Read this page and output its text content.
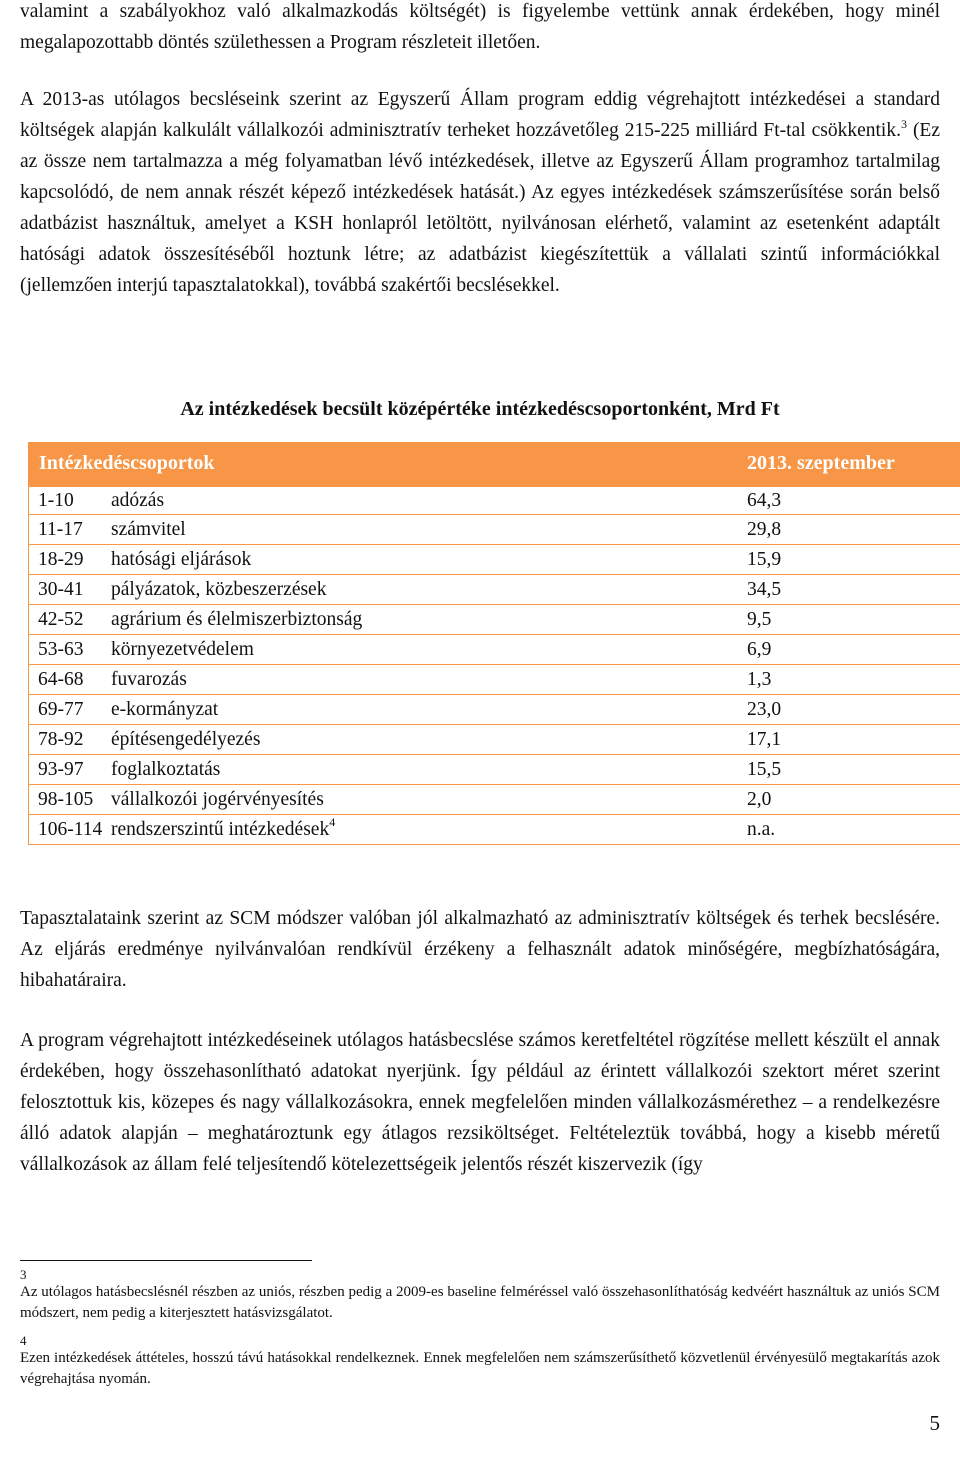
valamint a szabályokhoz való alkalmazkodás költségét) is figyelembe vettünk annak érdekében, hogy minél megalapozottabb döntés születhessen a Program részleteit illetően.

A 2013-as utólagos becsléseink szerint az Egyszerű Állam program eddig végrehajtott intézkedései a standard költségek alapján kalkulált vállalkozói adminisztratív terheket hozzávetőleg 215-225 milliárd Ft-tal csökkentik.$^3$ (Ez az össze nem tartalmazza a még folyamatban lévő intézkedések, illetve az Egyszerű Állam programhoz tartalmilag kapcsolódó, de nem annak részét képező intézkedések hatását.) Az egyes intézkedések számszerűsítése során belső adatbázist használtuk, amelyet a KSH honlapról letöltött, nyilvánosan elérhető, valamint az esetenként adaptált hatósági adatok összesítéséből hoztunk létre; az adatbázist kiegészítettük a vállalati szintű információkkal (jellemzően interjú tapasztalatokkal), továbbá szakértői becslésekkel.

Az intézkedések becsült középértéke intézkedéscsoportonként, Mrd Ft
Intézkedéscsoportok	2013. szeptember
1-10	adózás	64,3
11-17	számvitel	29,8
18-29	hatósági eljárások	15,9
30-41	pályázatok, közbeszerzések	34,5
42-52	agrárium és élelmiszerbiztonság	9,5
53-63	környezetvédelem	6,9
64-68	fuvarozás	1,3
69-77	e-kormányzat	23,0
78-92	építésengedélyezés	17,1
93-97	foglalkoztatás	15,5
98-105 vállalkozói jogérvényesítés	2,0
106-114 rendszerszintű intézkedések$^4$	n.a.

Tapasztalataink szerint az SCM módszer valóban jól alkalmazható az adminisztratív költségek és terhek becslésére. Az eljárás eredménye nyilvánvalóan rendkívül érzékeny a felhasznált adatok minőségére, megbízhatóságára, hibahatáraira.

A program végrehajtott intézkedéseinek utólagos hatásbecslése számos keretfeltétel rögzítése mellett készült el annak érdekében, hogy összehasonlítható adatokat nyerjünk. Így például az érintett vállalkozói szektort méret szerint felosztottuk kis, közepes és nagy vállalkozásokra, ennek megfelelően minden vállalkozásmérethez – a rendelkezésre álló adatok alapján – meghatároztunk egy átlagos rezsiköltséget. Feltételeztük továbbá, hogy a kisebb méretű vállalkozások az állam felé teljesítendő kötelezettségeik jelentős részét kiszervezik (így

3
Az utólagos hatásbecslésnél részben az uniós, részben pedig a 2009-es baseline felméréssel való összehasonlíthatóság kedvéért használtuk az uniós SCM módszert, nem pedig a kiterjesztett hatásvizsgálatot.

4
Ezen intézkedések áttételes, hosszú távú hatásokkal rendelkeznek. Ennek megfelelően nem számszerűsíthető közvetlenül érvényesülő megtakarítás azok végrehajtása nyomán.

5
